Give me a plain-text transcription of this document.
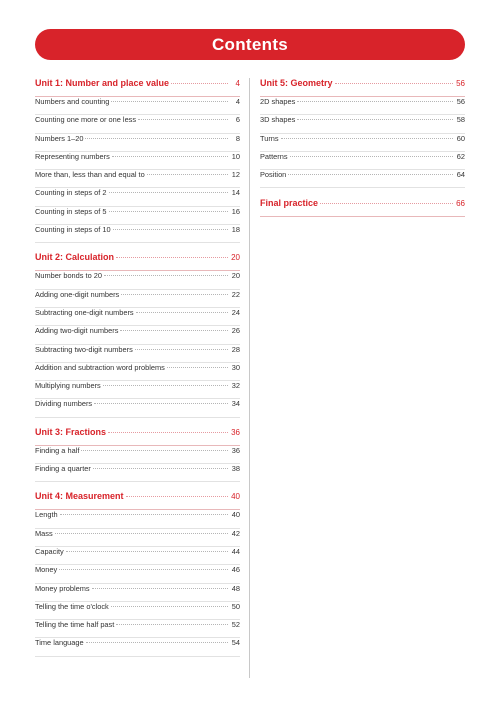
Contents
Unit 1: Number and place value	4
Numbers and counting	4
Counting one more or one less	6
Numbers 1–20	8
Representing numbers	10
More than, less than and equal to	12
Counting in steps of 2	14
Counting in steps of 5	16
Counting in steps of 10	18
Unit 2: Calculation	20
Number bonds to 20	20
Adding one-digit numbers	22
Subtracting one-digit numbers	24
Adding two-digit numbers	26
Subtracting two-digit numbers	28
Addition and subtraction word problems	30
Multiplying numbers	32
Dividing numbers	34
Unit 3: Fractions	36
Finding a half	36
Finding a quarter	38
Unit 4: Measurement	40
Length	40
Mass	42
Capacity	44
Money	46
Money problems	48
Telling the time o'clock	50
Telling the time half past	52
Time language	54
Unit 5: Geometry	56
2D shapes	56
3D shapes	58
Turns	60
Patterns	62
Position	64
Final practice	66
